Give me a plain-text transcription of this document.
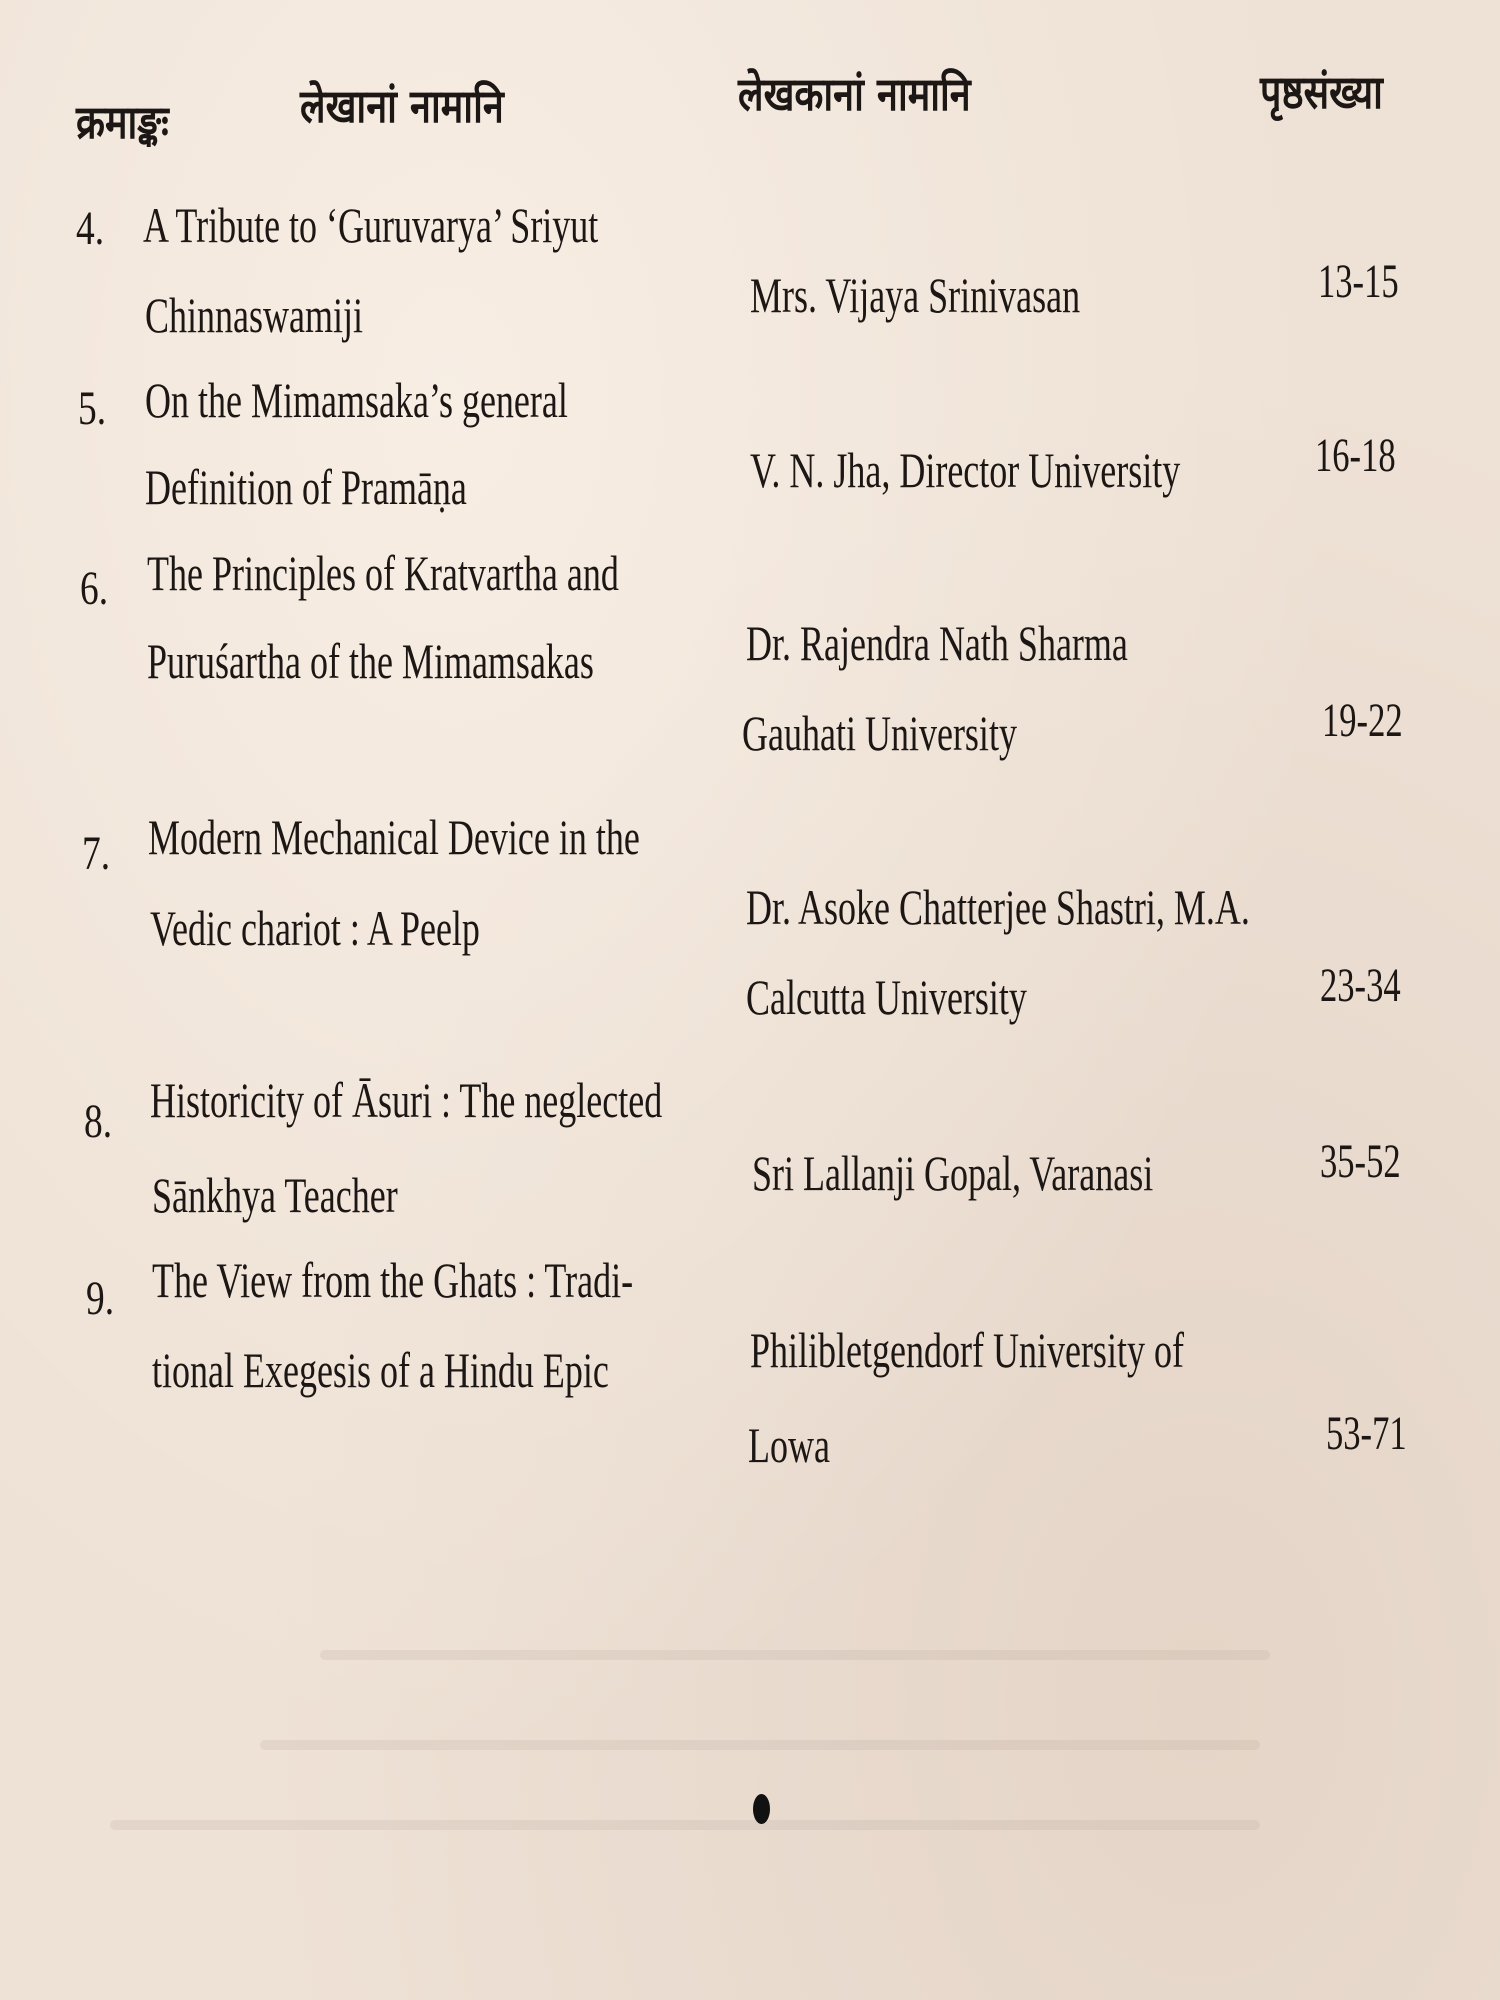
क्रमाङ्कः	लेखानां नामानि	लेखकानां नामानि	पृष्ठसंख्या
4. A Tribute to ‘Guruvarya’ Sriyut
Chinnaswamiji	Mrs. Vijaya Srinivasan	13-15
5. On the Mimamsaka’s general
Definition of Pramāṇa	V. N. Jha, Director University	16-18
6. The Principles of Kratvartha and
Puruśartha of the Mimamsakas	Dr. Rajendra Nath Sharma
Gauhati University	19-22
7. Modern Mechanical Device in the
Vedic chariot : A Peelp	Dr. Asoke Chatterjee Shastri, M.A.
Calcutta University	23-34
8. Historicity of Āsuri : The neglected
Sānkhya Teacher	Sri Lallanji Gopal, Varanasi	35-52
9. The View from the Ghats : Tradi-
tional Exegesis of a Hindu Epic	Philibletgendorf University of
Lowa	53-71
